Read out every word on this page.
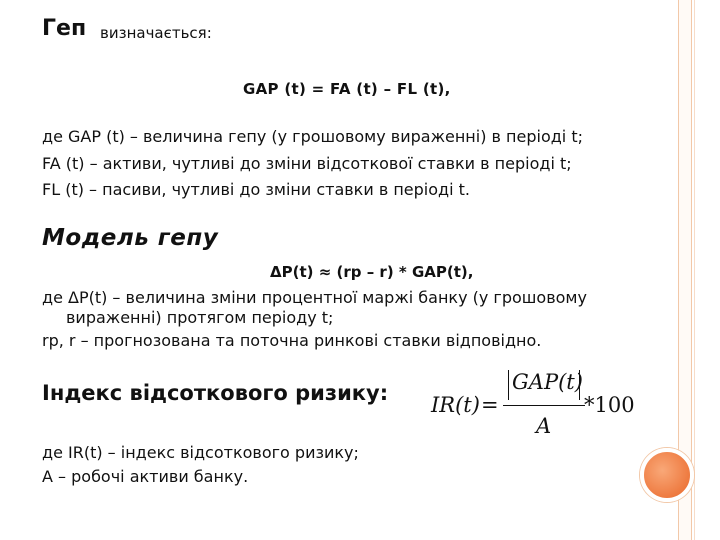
Геп визначається:
GAP (t) = FA (t) – FL (t),
де GAP (t) – величина гепу (у грошовому вираженні) в періоді t;
FA (t) – активи, чутливі до зміни відсоткової ставки в періоді t;
FL (t) – пасиви, чутливі до зміни ставки в періоді t.
Модель гепу
ΔP(t) ≈ (rp – r) * GAP(t),
де ΔP(t) – величина зміни процентної маржі банку (у грошовому
вираженні) протягом періоду t;
rp, r – прогнозована та поточна ринкові ставки відповідно.
Індекс відсоткового ризику: IR(t) =
GAP(t)
A
*100
де IR(t) – індекс відсоткового ризику;
A – робочі активи банку.
